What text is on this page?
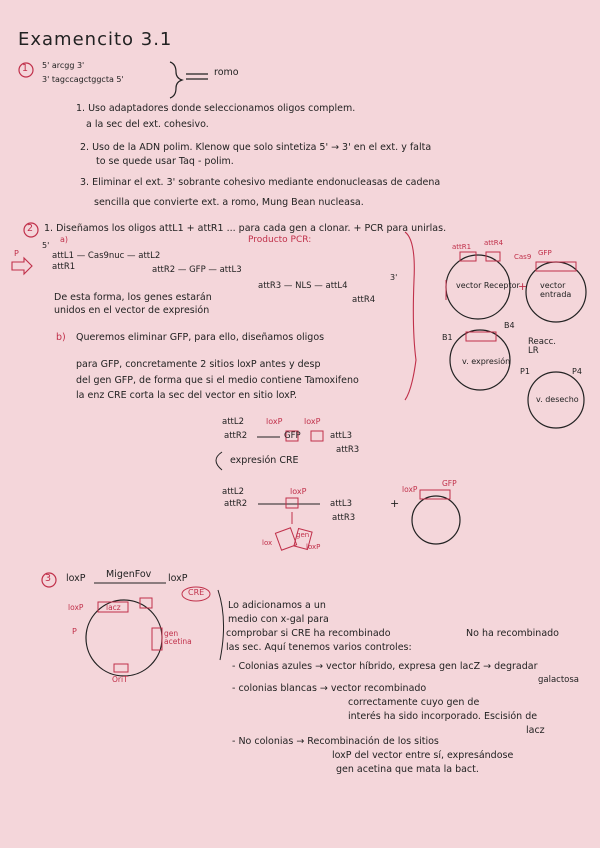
Examencito 3.1
+
1 5' arcgg 3'
3' tagccagctggcta 5'
romo
1. Uso adaptadores donde seleccionamos oligos complem.
a la sec del ext. cohesivo.
2. Uso de la ADN polim. Klenow que solo sintetiza 5' → 3' en el ext. y falta
to se quede usar Taq - polim.
3. Eliminar el ext. 3' sobrante cohesivo mediante endonucleasas de cadena
sencilla que convierte ext. a romo, Mung Bean nucleasa.
2 1. Diseñamos los oligos attL1 + attR1 ... para cada gen a clonar. + PCR para unirlas.
a)	Producto PCR:
P
5'
attL1 — Cas9nuc — attL2
attR1	attR2 — GFP — attL3
attR3 — NLS — attL4
3'
attR4
De esta forma, los genes estarán
unidos en el vector de expresión
b) Queremos eliminar GFP, para ello, diseñamos oligos
para GFP, concretamente 2 sitios loxP antes y desp
del gen GFP, de forma que si el medio contiene Tamoxifeno
la enz CRE corta la sec del vector en sitio loxP.
attR1 attR4
GFP
Cas9
vector Receptor	vector entrada
v. expresión
Reacc. LR
v. desecho
B1
B4
P1	P4
attL2
attR2
loxP	loxP
GFP	attL3
attR3
expresión CRE
attL2
attR2
loxP
attL3
attR3
+
loxP
GFP
lox
gen
loxP
3 loxP MigenFov loxP
CRE
lacz
loxP
gen acetina
OriT
P
Lo adicionamos a un
medio con x-gal para
comprobar si CRE ha recombinado
las sec. Aquí tenemos varios controles:
No ha recombinado
- Colonias azules → vector híbrido, expresa gen lacZ → degradar
galactosa
- colonias blancas → vector recombinado
correctamente cuyo gen de
interés ha sido incorporado. Escisión de
lacz
- No colonias → Recombinación de los sitios
loxP del vector entre sí, expresándose
gen acetina que mata la bact.
